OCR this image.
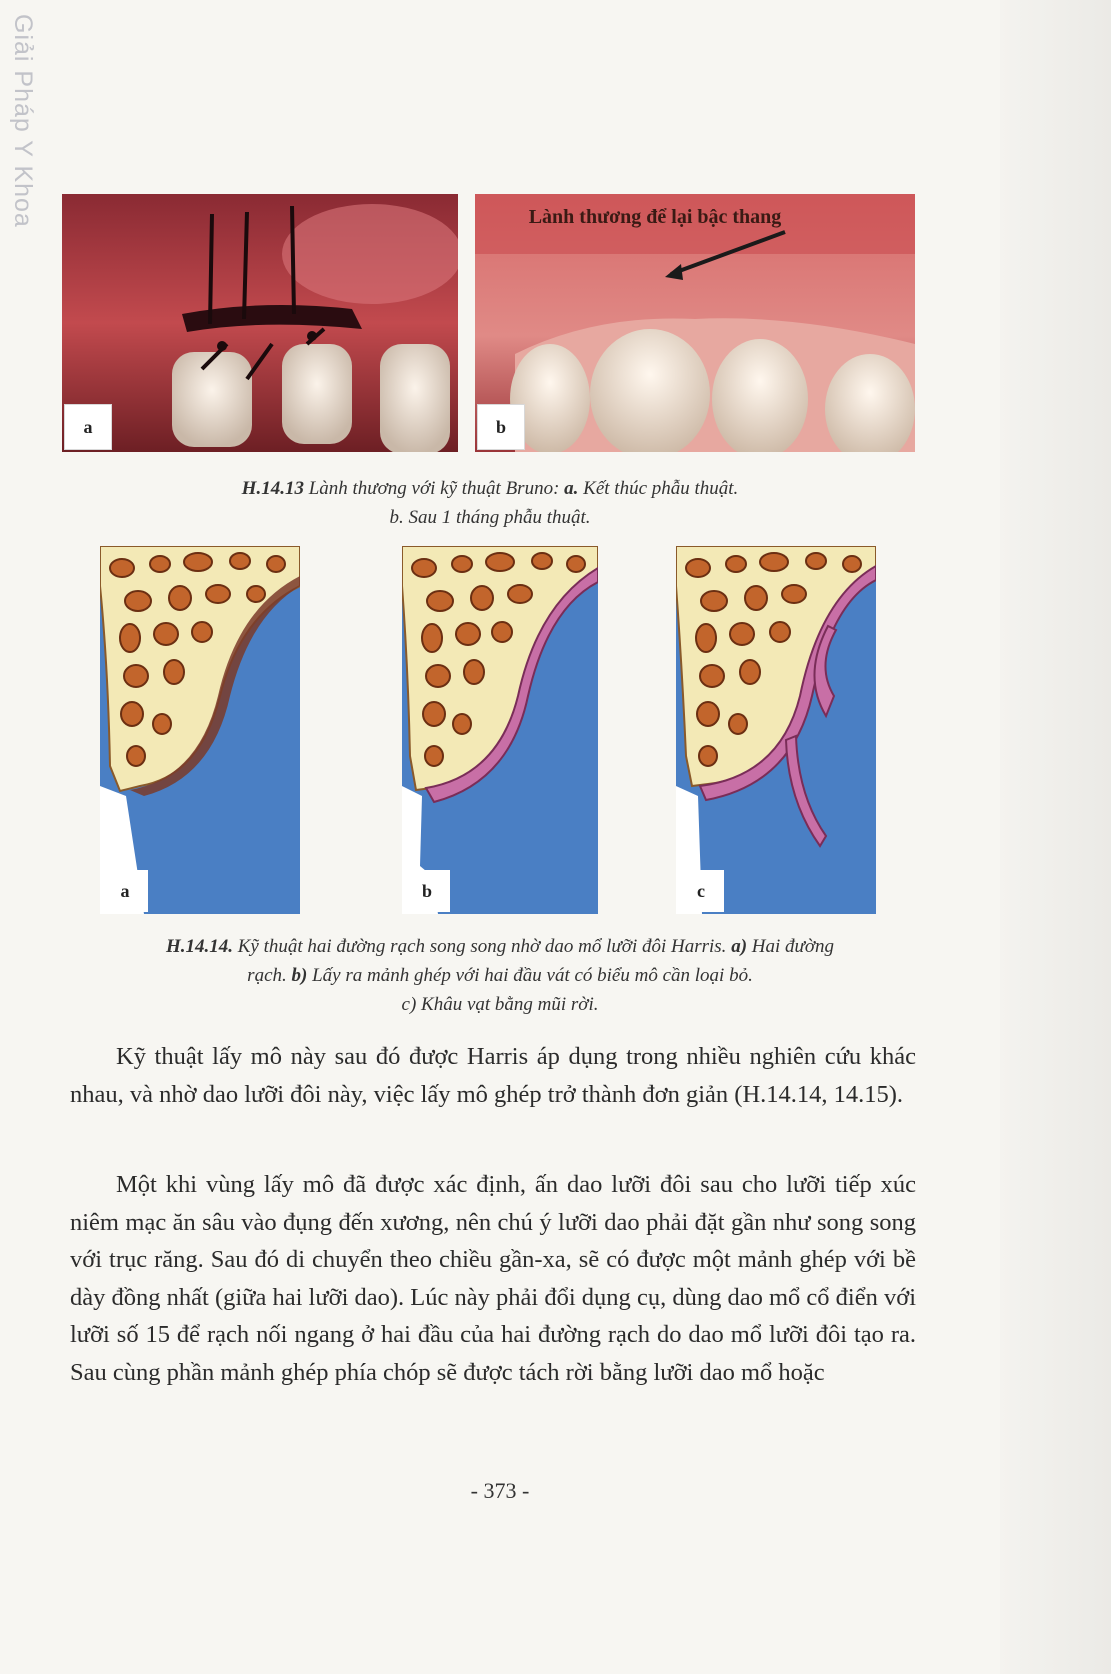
Giải Pháp Y Khoa
a
Lành thương để lại bậc thang
b
H.14.13 Lành thương với kỹ thuật Bruno: a. Kết thúc phẫu thuật.
b. Sau 1 tháng phẫu thuật.
a	b	c
H.14.14. Kỹ thuật hai đường rạch song song nhờ dao mổ lưỡi đôi Harris. a) Hai đường
rạch. b) Lấy ra mảnh ghép với hai đầu vát có biểu mô cần loại bỏ.
c) Khâu vạt bằng mũi rời.
Kỹ thuật lấy mô này sau đó được Harris áp dụng trong nhiều nghiên cứu khác nhau, và nhờ dao lưỡi đôi này, việc lấy mô ghép trở thành đơn giản (H.14.14, 14.15).
Một khi vùng lấy mô đã được xác định, ấn dao lưỡi đôi sau cho lưỡi tiếp xúc niêm mạc ăn sâu vào đụng đến xương, nên chú ý lưỡi dao phải đặt gần như song song với trục răng. Sau đó di chuyển theo chiều gần-xa, sẽ có được một mảnh ghép với bề dày đồng nhất (giữa hai lưỡi dao). Lúc này phải đổi dụng cụ, dùng dao mổ cổ điển với lưỡi số 15 để rạch nối ngang ở hai đầu của hai đường rạch do dao mổ lưỡi đôi tạo ra. Sau cùng phần mảnh ghép phía chóp sẽ được tách rời bằng lưỡi dao mổ hoặc
- 373 -
